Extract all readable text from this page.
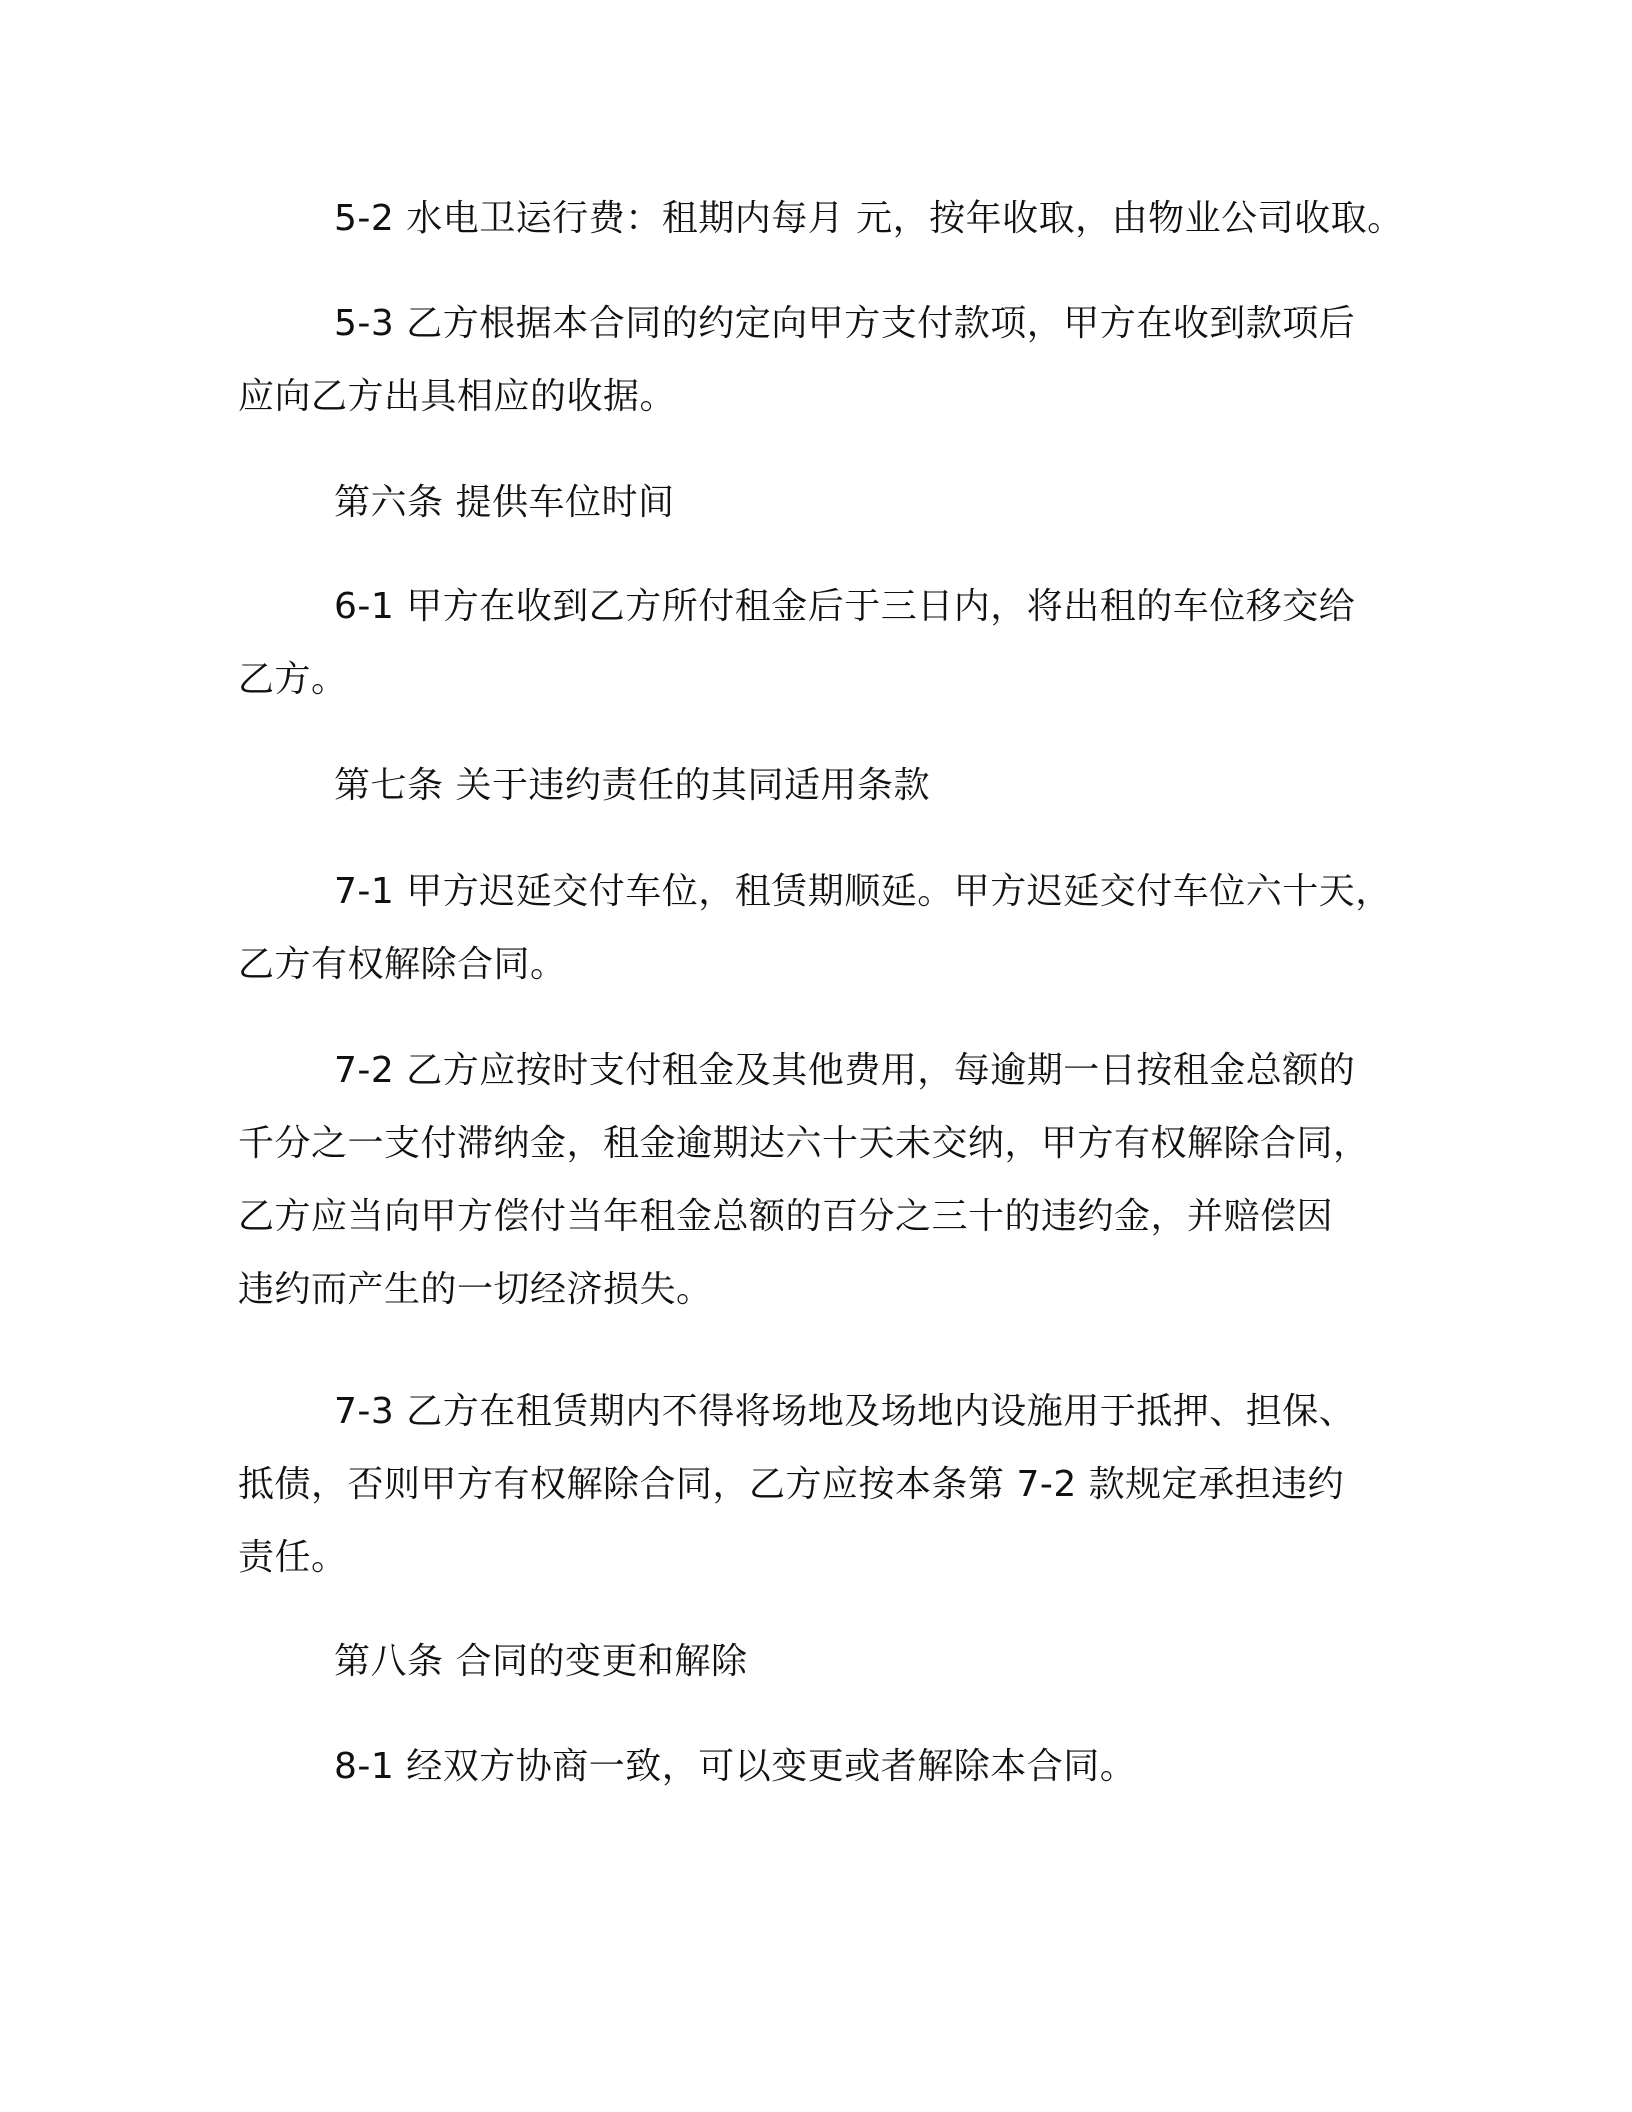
5-2 水电卫运行费：租期内每月 元，按年收取，由物业公司收取。

5-3 乙方根据本合同的约定向甲方支付款项，甲方在收到款项后
应向乙方出具相应的收据。

第六条 提供车位时间

6-1 甲方在收到乙方所付租金后于三日内，将出租的车位移交给
乙方。

第七条 关于违约责任的其同适用条款

7-1 甲方迟延交付车位，租赁期顺延。甲方迟延交付车位六十天，
乙方有权解除合同。

7-2 乙方应按时支付租金及其他费用，每逾期一日按租金总额的
千分之一支付滞纳金，租金逾期达六十天未交纳，甲方有权解除合同，
乙方应当向甲方偿付当年租金总额的百分之三十的违约金，并赔偿因
违约而产生的一切经济损失。

7-3 乙方在租赁期内不得将场地及场地内设施用于抵押、担保、
抵债，否则甲方有权解除合同，乙方应按本条第 7-2 款规定承担违约
责任。

第八条 合同的变更和解除

8-1 经双方协商一致，可以变更或者解除本合同。
